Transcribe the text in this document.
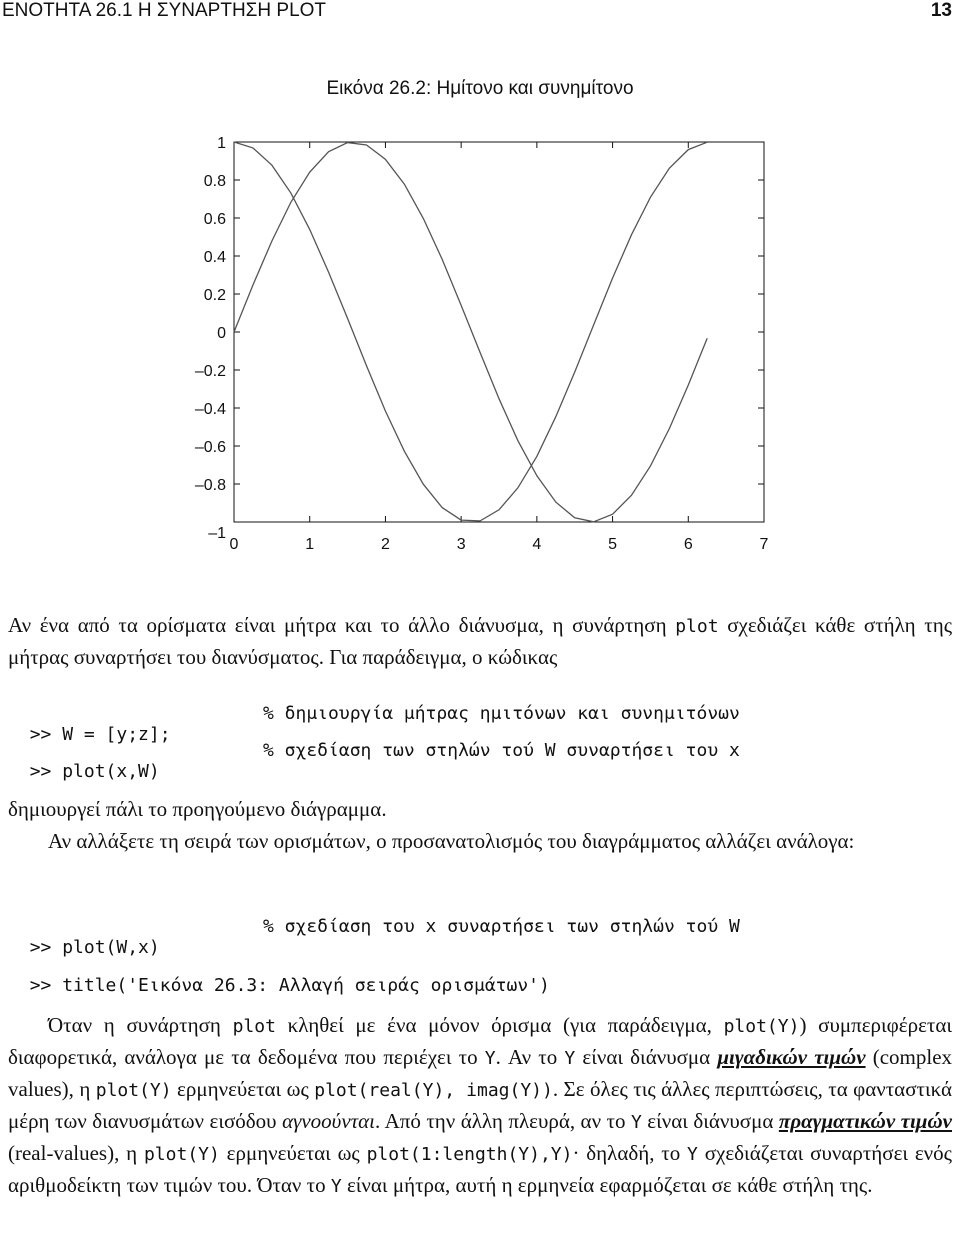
ΕΝΟΤΗΤΑ 26.1 Η ΣΥΝΑΡΤΗΣΗ PLOT	13
Εικόνα 26.2: Ημίτονο και συνημίτονο
0	1	2	3	4	5	6	7
1
0.8
0.6
0.4
0.2
0
–0.2
–0.4
–0.6
–0.8
–1
Αν ένα από τα ορίσματα είναι μήτρα και το άλλο διάνυσμα, η συνάρτηση plot σχεδιάζει κάθε στήλη της μήτρας συναρτήσει του διανύσματος. Για παράδειγμα, ο κώδικας

>> W = [y;z];
% δημιουργία μήτρας ημιτόνων και συνημιτόνων

>> plot(x,W)
% σχεδίαση των στηλών τού W συναρτήσει του x

δημιουργεί πάλι το προηγούμενο διάγραμμα.
Αν αλλάξετε τη σειρά των ορισμάτων, ο προσανατολισμός του διαγράμματος αλλάζει ανάλογα:

>> plot(W,x)
% σχεδίαση του x συναρτήσει των στηλών τού W

>> title('Εικόνα 26.3: Αλλαγή σειράς ορισμάτων')

Όταν η συνάρτηση plot κληθεί με ένα μόνον όρισμα (για παράδειγμα, plot(Y)) συμπεριφέρεται διαφορετικά, ανάλογα με τα δεδομένα που περιέχει το Y. Αν το Y είναι διάνυσμα μιγαδικών τιμών (complex values), η plot(Y) ερμηνεύεται ως plot(real(Y), imag(Y)). Σε όλες τις άλλες περιπτώσεις, τα φανταστικά μέρη των διανυσμάτων εισόδου αγνοούνται. Από την άλλη πλευρά, αν το Y είναι διάνυσμα πραγματικών τιμών (real-values), η plot(Y) ερμηνεύεται ως plot(1:length(Y),Y)· δηλαδή, το Y σχεδιάζεται συναρτήσει ενός αριθμοδείκτη των τιμών του. Όταν το Y είναι μήτρα, αυτή η ερμηνεία εφαρμόζεται σε κάθε στήλη της.
